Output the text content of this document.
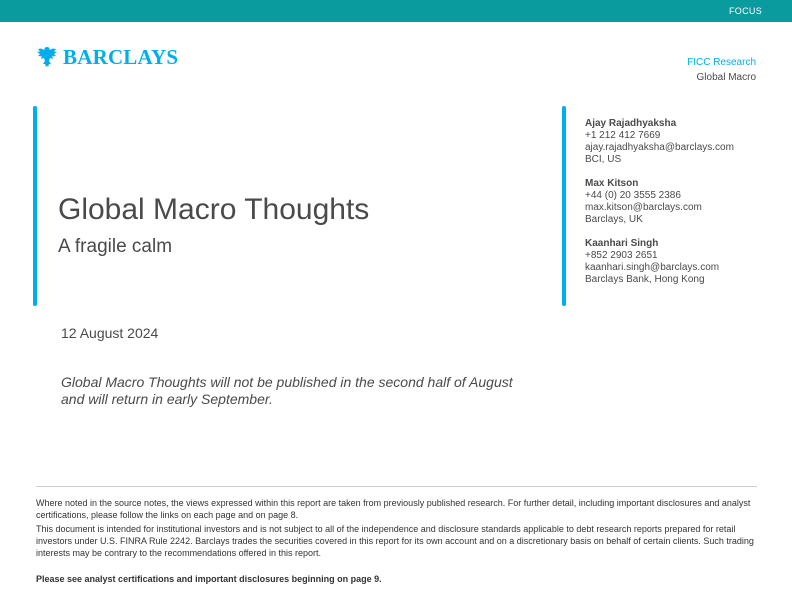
FOCUS
BARCLAYS	FICC Research
Global Macro
Global Macro Thoughts
A fragile calm
Ajay Rajadhyaksha
+1 212 412 7669
ajay.rajadhyaksha@barclays.com
BCI, US
Max Kitson
+44 (0) 20 3555 2386
max.kitson@barclays.com
Barclays, UK
Kaanhari Singh
+852 2903 2651
kaanhari.singh@barclays.com
Barclays Bank, Hong Kong
12 August 2024
Global Macro Thoughts will not be published in the second half of August and will return in early September.

Where noted in the source notes, the views expressed within this report are taken from previously published research. For further detail, including important disclosures and analyst certifications, please follow the links on each page and on page 8.

This document is intended for institutional investors and is not subject to all of the independence and disclosure standards applicable to debt research reports prepared for retail investors under U.S. FINRA Rule 2242. Barclays trades the securities covered in this report for its own account and on a discretionary basis on behalf of certain clients. Such trading interests may be contrary to the recommendations offered in this report.

Please see analyst certifications and important disclosures beginning on page 9.
